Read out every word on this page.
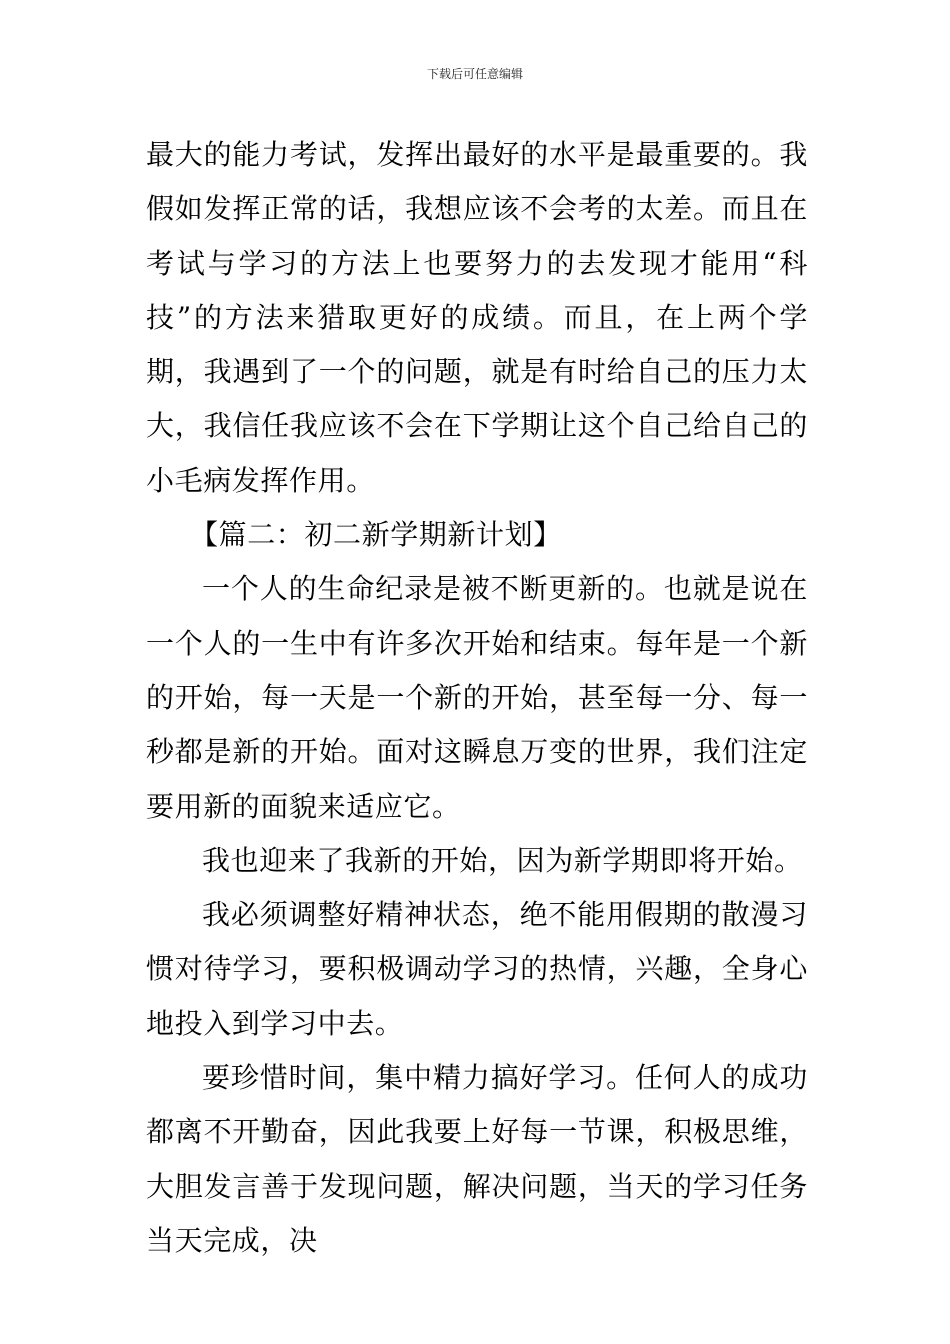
下载后可任意编辑

最大的能力考试，发挥出最好的水平是最重要的。我假如发挥正常的话，我想应该不会考的太差。而且在考试与学习的方法上也要努力的去发现才能用“科技”的方法来猎取更好的成绩。而且，在上两个学期，我遇到了一个的问题，就是有时给自己的压力太大，我信任我应该不会在下学期让这个自己给自己的小毛病发挥作用。

【篇二：初二新学期新计划】

一个人的生命纪录是被不断更新的。也就是说在一个人的一生中有许多次开始和结束。每年是一个新的开始，每一天是一个新的开始，甚至每一分、每一秒都是新的开始。面对这瞬息万变的世界，我们注定要用新的面貌来适应它。

我也迎来了我新的开始，因为新学期即将开始。

我必须调整好精神状态，绝不能用假期的散漫习惯对待学习，要积极调动学习的热情，兴趣，全身心地投入到学习中去。

要珍惜时间，集中精力搞好学习。任何人的成功都离不开勤奋，因此我要上好每一节课，积极思维，大胆发言善于发现问题，解决问题，当天的学习任务当天完成，决
